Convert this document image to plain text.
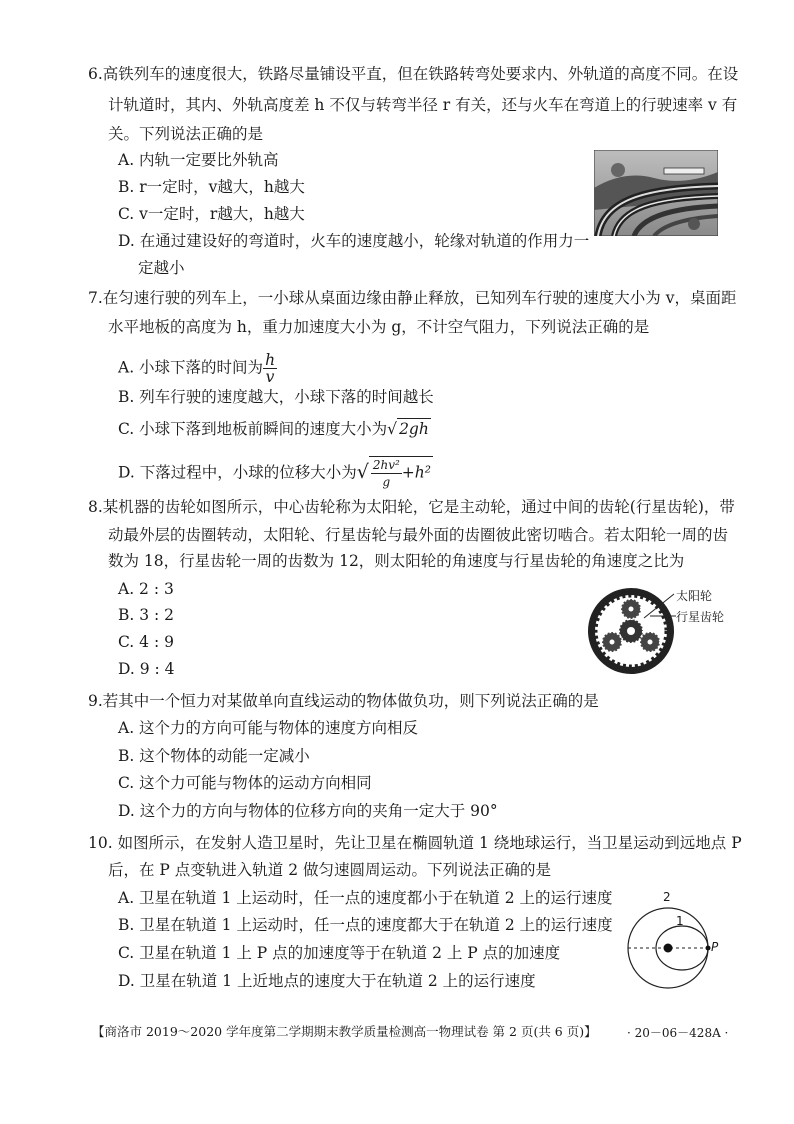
6.高铁列车的速度很大，铁路尽量铺设平直，但在铁路转弯处要求内、外轨道的高度不同。在设
计轨道时，其内、外轨高度差 h 不仅与转弯半径 r 有关，还与火车在弯道上的行驶速率 v 有
关。下列说法正确的是
A. 内轨一定要比外轨高
B. r一定时，v越大，h越大
C. v一定时，r越大，h越大
D. 在通过建设好的弯道时，火车的速度越小，轮缘对轨道的作用力一
定越小
7.在匀速行驶的列车上，一小球从桌面边缘由静止释放，已知列车行驶的速度大小为 v，桌面距
水平地板的高度为 h，重力加速度大小为 g，不计空气阻力，下列说法正确的是
A. 小球下落的时间为 $\frac{h}{v}$
B. 列车行驶的速度越大，小球下落的时间越长
C. 小球下落到地板前瞬间的速度大小为√ 2gh
D. 下落过程中，小球的位移大小为√ $\frac{\text{2hv²}}{g} +h^2$
8.某机器的齿轮如图所示，中心齿轮称为太阳轮，它是主动轮，通过中间的齿轮(行星齿轮)，带
动最外层的齿圈转动，太阳轮、行星齿轮与最外面的齿圈彼此密切啮合。若太阳轮一周的齿
数为 18，行星齿轮一周的齿数为 12，则太阳轮的角速度与行星齿轮的角速度之比为
A. 2 : 3
B. 3 : 2
C. 4 : 9
D. 9 : 4
太阳轮
行星齿轮
9.若其中一个恒力对某做单向直线运动的物体做负功，则下列说法正确的是
A. 这个力的方向可能与物体的速度方向相反
B. 这个物体的动能一定减小
C. 这个力可能与物体的运动方向相同
D. 这个力的方向与物体的位移方向的夹角一定大于 90°
10. 如图所示，在发射人造卫星时，先让卫星在椭圆轨道 1 绕地球运行，当卫星运动到远地点 P
后，在 P 点变轨进入轨道 2 做匀速圆周运动。下列说法正确的是
A. 卫星在轨道 1 上运动时，任一点的速度都小于在轨道 2 上的运行速度
B. 卫星在轨道 1 上运动时，任一点的速度都大于在轨道 2 上的运行速度
C. 卫星在轨道 1 上 P 点的加速度等于在轨道 2 上 P 点的加速度
D. 卫星在轨道 1 上近地点的速度大于在轨道 2 上的运行速度
2
1
P
【商洛市 2019～2020 学年度第二学期期末教学质量检测高一物理试卷 第 2 页(共 6 页)】	· 20－06－428A ·
